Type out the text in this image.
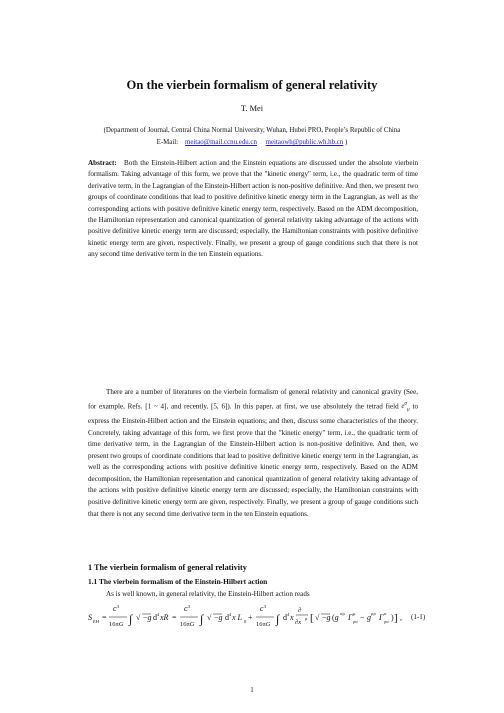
On the vierbein formalism of general relativity
T. Mei
(Department of Journal, Central China Normal University, Wuhan, Hubei PRO, People’s Republic of China
E-Mail: meitao@mail.ccnu.edu.cn meitaowh@public.wh.hb.cn )
Abstract: Both the Einstein-Hilbert action and the Einstein equations are discussed under the absolute vierbein formalism. Taking advantage of this form, we prove that the "kinetic energy" term, i.e., the quadratic term of time derivative term, in the Lagrangian of the Einstein-Hilbert action is non-positive definitive. And then, we present two groups of coordinate conditions that lead to positive definitive kinetic energy term in the Lagrangian, as well as the corresponding actions with positive definitive kinetic energy term, respectively. Based on the ADM decomposition, the Hamiltonian representation and canonical quantization of general relativity taking advantage of the actions with positive definitive kinetic energy term are discussed; especially, the Hamiltonian constraints with positive definitive kinetic energy term are given, respectively. Finally, we present a group of gauge conditions such that there is not any second time derivative term in the ten Einstein equations.
There are a number of literatures on the vierbein formalism of general relativity and canonical gravity (See, for example, Refs. [1 ~ 4], and recently, [5, 6]). In this paper, at first, we use absolutely the tetrad field $e^\alpha_\mu$ to express the Einstein-Hilbert action and the Einstein equations; and then, discuss some characteristics of the theory. Concretely, taking advantage of this form, we first prove that the "kinetic energy" term, i.e., the quadratic term of time derivative term, in the Lagrangian of the Einstein-Hilbert action is non-positive definitive. And then, we present two groups of coordinate conditions that lead to positive definitive kinetic energy term in the Lagrangian, as well as the corresponding actions with positive definitive kinetic energy term, respectively. Based on the ADM decomposition, the Hamiltonian representation and canonical quantization of general relativity taking advantage of the actions with positive definitive kinetic energy term are discussed; especially, the Hamiltonian constraints with positive definitive kinetic energy term are given, respectively. Finally, we present a group of gauge conditions such that there is not any second time derivative term in the ten Einstein equations.
1 The vierbein formalism of general relativity
1.1 The vierbein formalism of the Einstein-Hilbert action
As is well known, in general relativity, the Einstein-Hilbert action reads
S EH =
c 3
16πG ∫ √ −g d 4 xR =
c 3
16πG ∫ √ −g d 4 x L 0 +
c 3
16πG ∫ d 4 x
∂
∂x
μ [ √ −g (g σρ Γ μ
ρσ − g μρ Γ σ
ρσ ) ] , (1-1)
1
